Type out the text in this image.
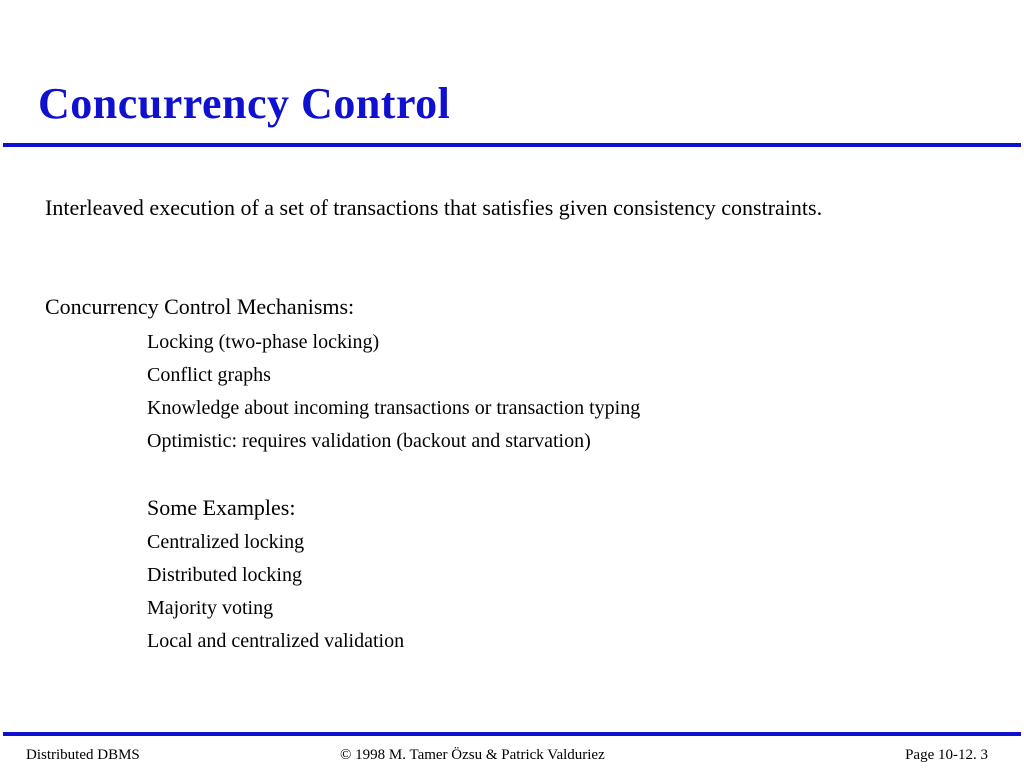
Concurrency Control

Interleaved execution of a set of transactions that satisfies given consistency constraints.

Concurrency Control Mechanisms:

Locking (two-phase locking)
Conflict graphs
Knowledge about incoming transactions or transaction typing
Optimistic: requires validation (backout and starvation)

Some Examples:

Centralized locking
Distributed locking
Majority voting
Local and centralized validation
Distributed DBMS	© 1998 M. Tamer Özsu & Patrick Valduriez	Page 10-12. 3
